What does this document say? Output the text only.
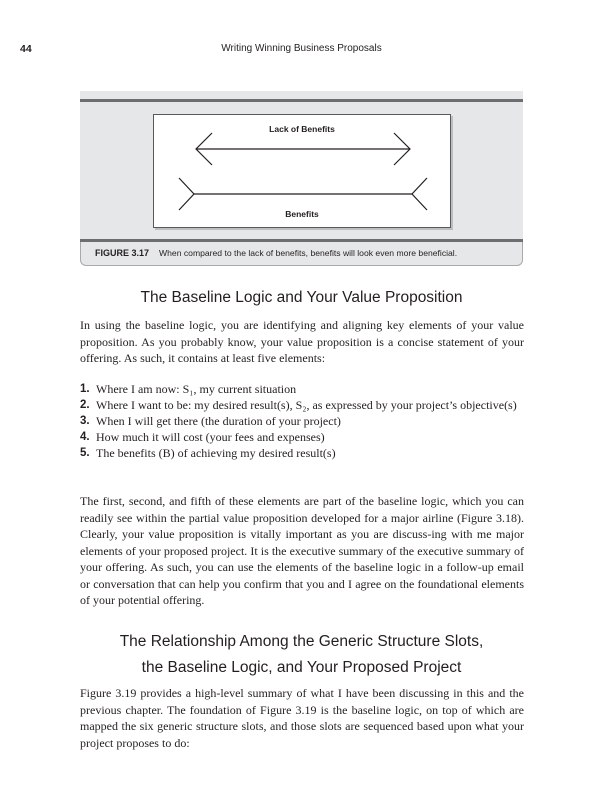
44	Writing Winning Business Proposals
Lack of Benefits
Benefits
FIGURE 3.17 When compared to the lack of benefits, benefits will look even more beneficial.
The Baseline Logic and Your Value Proposition

In using the baseline logic, you are identifying and aligning key elements of your value proposition. As you probably know, your value proposition is a concise statement of your offering. As such, it contains at least five elements:

1. Where I am now: S₁, my current situation
2. Where I want to be: my desired result(s), S₂, as expressed by your project’s objective(s)
3. When I will get there (the duration of your project)
4. How much it will cost (your fees and expenses)
5. The benefits (B) of achieving my desired result(s)

The first, second, and fifth of these elements are part of the baseline logic, which you can readily see within the partial value proposition developed for a major airline (Figure 3.18). Clearly, your value proposition is vitally important as you are discuss-ing with me major elements of your proposed project. It is the executive summary of the executive summary of your offering. As such, you can use the elements of the baseline logic in a follow-up email or conversation that can help you confirm that you and I agree on the foundational elements of your potential offering.

The Relationship Among the Generic Structure Slots,
the Baseline Logic, and Your Proposed Project

Figure 3.19 provides a high-level summary of what I have been discussing in this and the previous chapter. The foundation of Figure 3.19 is the baseline logic, on top of which are mapped the six generic structure slots, and those slots are sequenced based upon what your project proposes to do:
